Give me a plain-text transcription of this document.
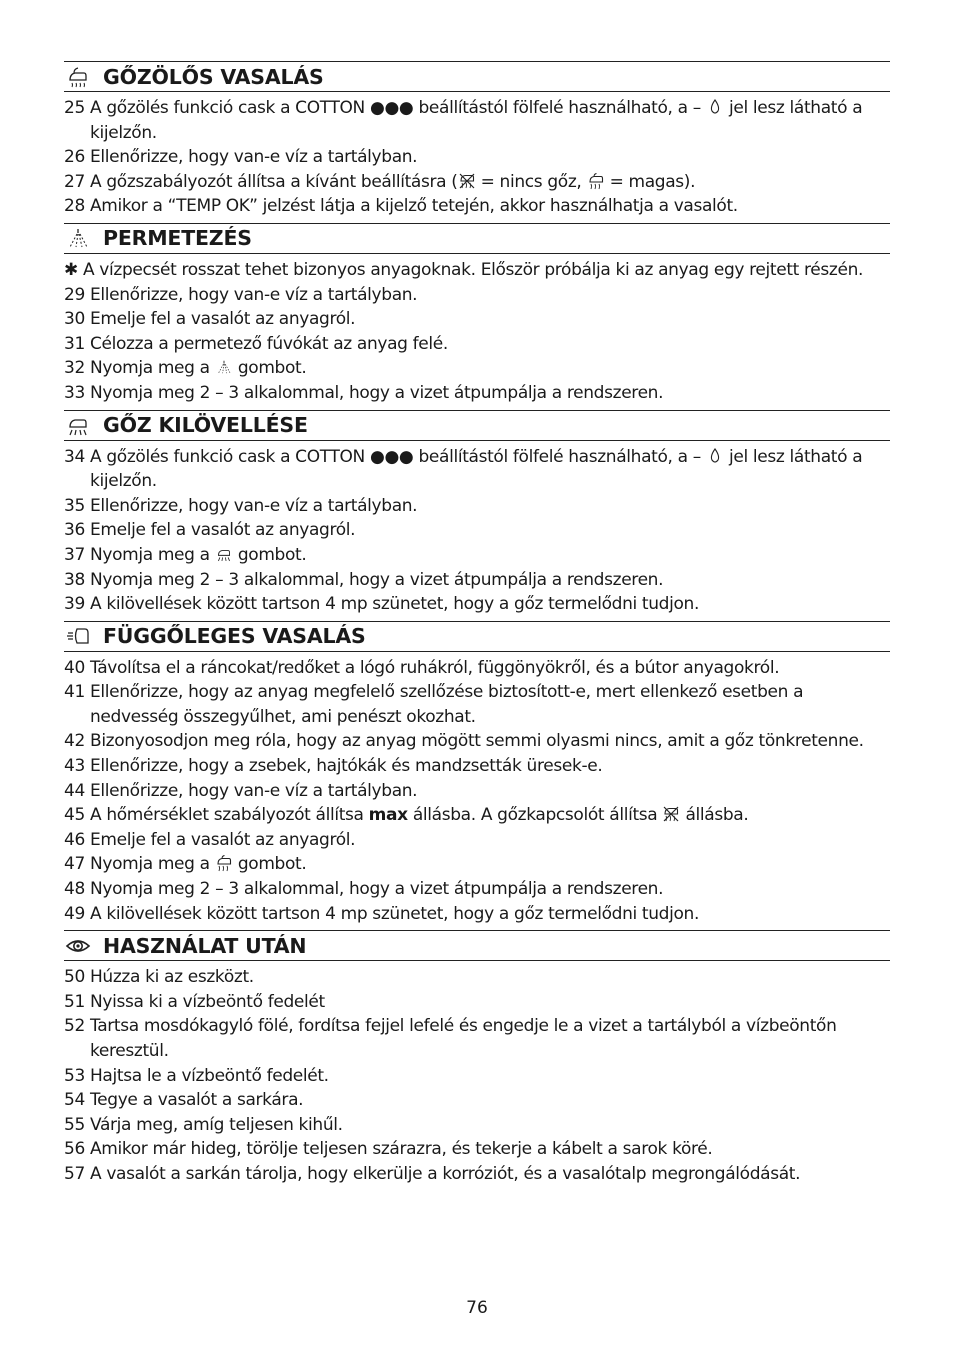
GŐZÖLŐS VASALÁS
25 A gőzölés funkció cask a COTTON ●●● beállítástól fölfelé használható, a –
jel lesz látható a kijelzőn.
26 Ellenőrizze, hogy van-e víz a tartályban.
27 A gőzszabályozót állítsa a kívánt beállításra (
= nincs gőz,
= magas).
28 Amikor a “TEMP OK” jelzést látja a kijelző tetején, akkor használhatja a vasalót.
PERMETEZÉS
✱ A vízpecsét rosszat tehet bizonyos anyagoknak. Először próbálja ki az anyag egy rejtett részén.
29 Ellenőrizze, hogy van-e víz a tartályban.
30 Emelje fel a vasalót az anyagról.
31 Célozza a permetező fúvókát az anyag felé.
32 Nyomja meg a
gombot.
33 Nyomja meg 2 – 3 alkalommal, hogy a vizet átpumpálja a rendszeren.
GŐZ KILÖVELLÉSE
34 A gőzölés funkció cask a COTTON ●●● beállítástól fölfelé használható, a –
jel lesz látható a kijelzőn.
35 Ellenőrizze, hogy van-e víz a tartályban.
36 Emelje fel a vasalót az anyagról.
37 Nyomja meg a
gombot.
38 Nyomja meg 2 – 3 alkalommal, hogy a vizet átpumpálja a rendszeren.
39 A kilövellések között tartson 4 mp szünetet, hogy a gőz termelődni tudjon.
FÜGGŐLEGES VASALÁS
40 Távolítsa el a ráncokat/redőket a lógó ruhákról, függönyökről, és a bútor anyagokról.
41 Ellenőrizze, hogy az anyag megfelelő szellőzése biztosított-e, mert ellenkező esetben a nedvesség összegyűlhet, ami penészt okozhat.
42 Bizonyosodjon meg róla, hogy az anyag mögött semmi olyasmi nincs, amit a gőz tönkretenne.
43 Ellenőrizze, hogy a zsebek, hajtókák és mandzsetták üresek-e.
44 Ellenőrizze, hogy van-e víz a tartályban.
45 A hőmérséklet szabályozót állítsa max állásba. A gőzkapcsolót állítsa
állásba.
46 Emelje fel a vasalót az anyagról.
47 Nyomja meg a
gombot.
48 Nyomja meg 2 – 3 alkalommal, hogy a vizet átpumpálja a rendszeren.
49 A kilövellések között tartson 4 mp szünetet, hogy a gőz termelődni tudjon.
HASZNÁLAT UTÁN
50 Húzza ki az eszközt.
51 Nyissa ki a vízbeöntő fedelét
52 Tartsa mosdókagyló fölé, fordítsa fejjel lefelé és engedje le a vizet a tartályból a vízbeöntőn keresztül.
53 Hajtsa le a vízbeöntő fedelét.
54 Tegye a vasalót a sarkára.
55 Várja meg, amíg teljesen kihűl.
56 Amikor már hideg, törölje teljesen szárazra, és tekerje a kábelt a sarok köré.
57 A vasalót a sarkán tárolja, hogy elkerülje a korróziót, és a vasalótalp megrongálódását.
76
